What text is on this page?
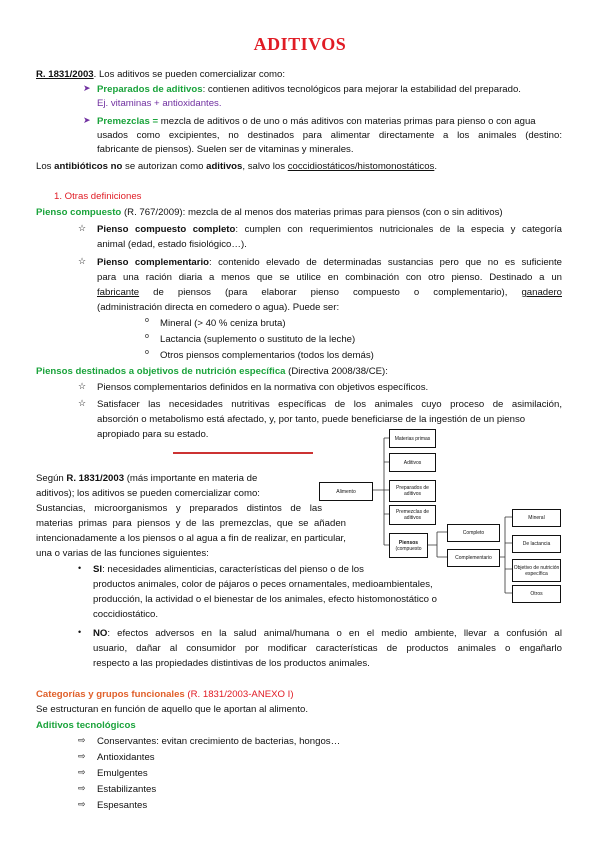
ADITIVOS
R. 1831/2003. Los aditivos se pueden comercializar como:
➤ Preparados de aditivos: contienen aditivos tecnológicos para mejorar la estabilidad del preparado.
Ej. vitaminas + antioxidantes.
➤ Premezclas = mezcla de aditivos o de uno o más aditivos con materias primas para pienso o con agua
usados como excipientes, no destinados para alimentar directamente a los animales (destino:
fabricante de piensos). Suelen ser de vitaminas y minerales.
Los antibióticos no se autorizan como aditivos, salvo los coccidiostáticos/histomonostáticos.
1. Otras definiciones
Pienso compuesto (R. 767/2009): mezcla de al menos dos materias primas para piensos (con o sin aditivos)
☆ Pienso compuesto completo: cumplen con requerimientos nutricionales de la especia y categoría
animal (edad, estado fisiológico…).
☆ Pienso complementario: contenido elevado de determinadas sustancias pero que no es suficiente
para una ración diaria a menos que se utilice en combinación con otro pienso. Destinado a un
fabricante de piensos (para elaborar pienso compuesto o complementario), ganadero
(administración directa en comedero o agua). Puede ser:
o Mineral (> 40 % ceniza bruta)
o Lactancia (suplemento o sustituto de la leche)
o Otros piensos complementarios (todos los demás)
Piensos destinados a objetivos de nutrición específica (Directiva 2008/38/CE):
☆ Piensos complementarios definidos en la normativa con objetivos específicos.
☆ Satisfacer las necesidades nutritivas específicas de los animales cuyo proceso de asimilación,
absorción o metabolismo está afectado, y, por tanto, puede beneficiarse de la ingestión de un pienso
apropiado para su estado.
Según R. 1831/2003 (más importante en materia de
aditivos); los aditivos se pueden comercializar como:
Sustancias, microorganismos y preparados distintos de las
materias primas para piensos y de las premezclas, que se añaden
intencionadamente a los piensos o al agua a fin de realizar, en particular,
una o varias de las funciones siguientes:
• SI: necesidades alimenticias, características del pienso o de los
productos animales, color de pájaros o peces ornamentales, medioambientales,
producción, la actividad o el bienestar de los animales, efecto histomonostático o
coccidiostático.
• NO: efectos adversos en la salud animal/humana o en el medio ambiente, llevar a confusión al
usuario, dañar al consumidor por modificar características de productos animales o engañarlo
respecto a las propiedades distintivas de los productos animales.
Alimento
Materias primas
Aditivos
Preparados de aditivos
Premezclas de aditivos
Piensos
(compuesto
Completo
Complementario
Mineral
De lactancia
Objetivo de nutrición específica
Otros
Categorías y grupos funcionales (R. 1831/2003-ANEXO I)
Se estructuran en función de aquello que le aportan al alimento.
Aditivos tecnológicos
⇨ Conservantes: evitan crecimiento de bacterias, hongos…
⇨ Antioxidantes
⇨ Emulgentes
⇨ Estabilizantes
⇨ Espesantes
